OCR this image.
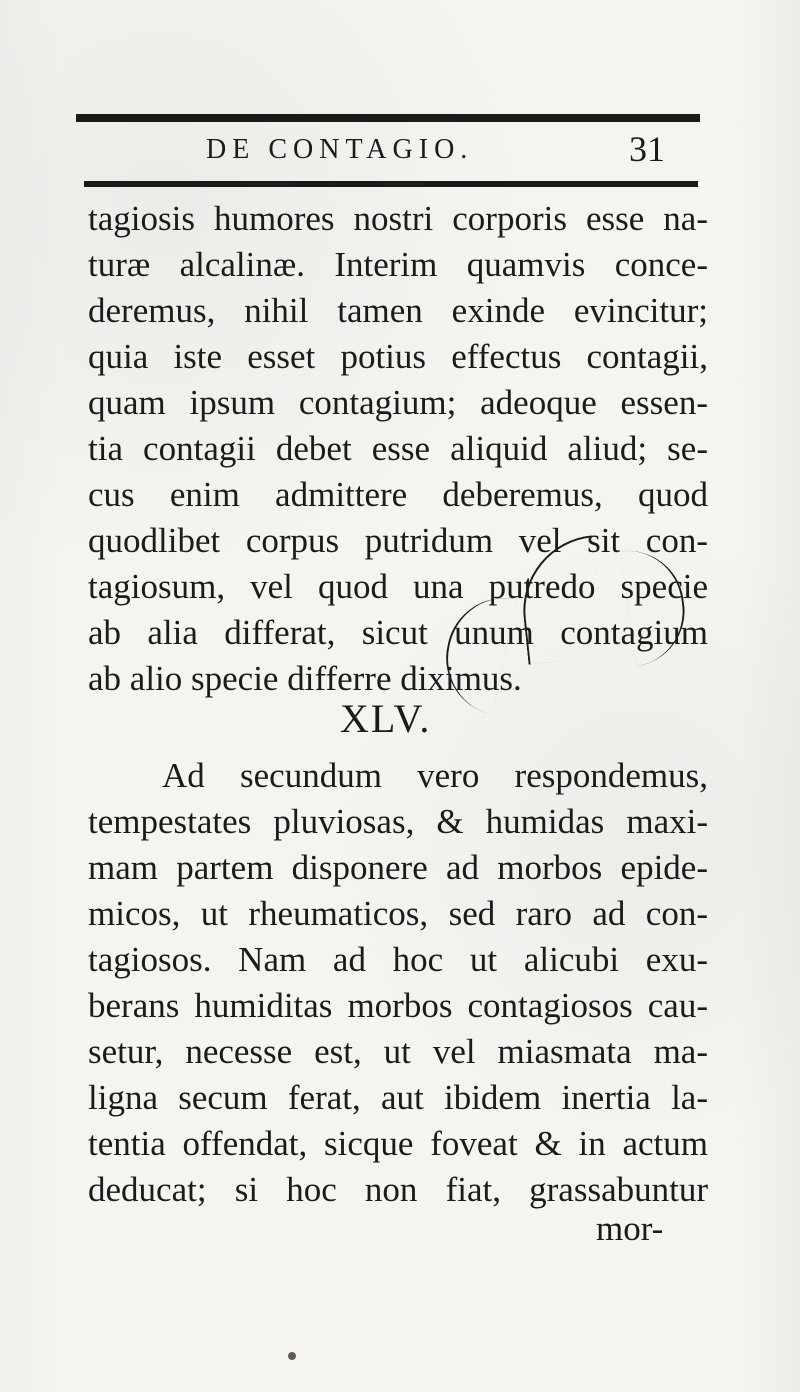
DE CONTAGIO.	31
tagiosis humores nostri corporis esse na-
turæ alcalinæ. Interim quamvis conce-
deremus, nihil tamen exinde evincitur;
quia iste esset potius effectus contagii,
quam ipsum contagium; adeoque essen-
tia contagii debet esse aliquid aliud; se-
cus enim admittere deberemus, quod
quodlibet corpus putridum vel sit con-
tagiosum, vel quod una putredo specie
ab alia differat, sicut unum contagium
ab alio specie differre diximus.
XLV.
Ad secundum vero respondemus,
tempestates pluviosas, & humidas maxi-
mam partem disponere ad morbos epide-
micos, ut rheumaticos, sed raro ad con-
tagiosos. Nam ad hoc ut alicubi exu-
berans humiditas morbos contagiosos cau-
setur, necesse est, ut vel miasmata ma-
ligna secum ferat, aut ibidem inertia la-
tentia offendat, sicque foveat & in actum
deducat; si hoc non fiat, grassabuntur
mor-
